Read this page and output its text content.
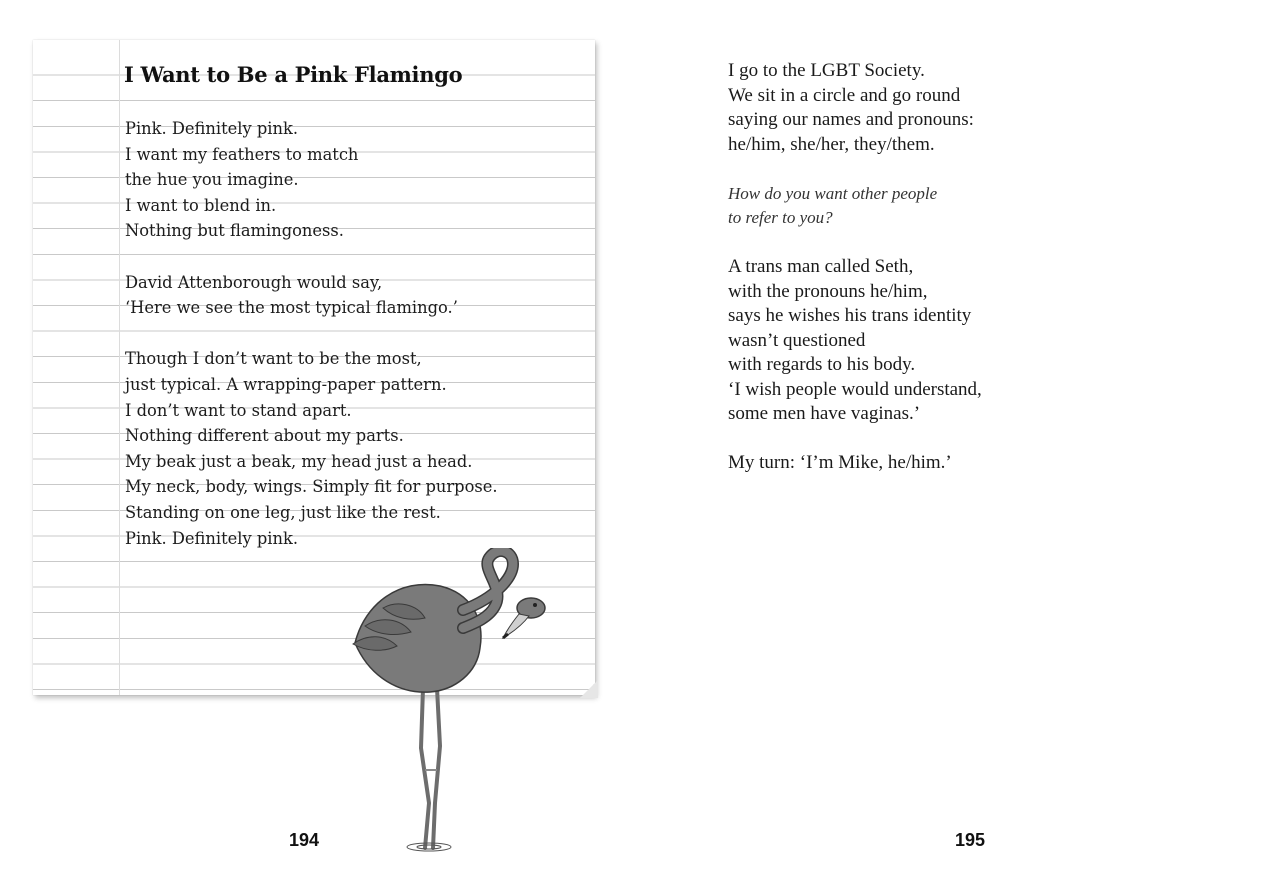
I Want to Be a Pink Flamingo
Pink. Definitely pink.
I want my feathers to match
the hue you imagine.
I want to blend in.
Nothing but flamingoness.
David Attenborough would say,
‘Here we see the most typical flamingo.’
Though I don’t want to be the most,
just typical. A wrapping-paper pattern.
I don’t want to stand apart.
Nothing different about my parts.
My beak just a beak, my head just a head.
My neck, body, wings. Simply fit for purpose.
Standing on one leg, just like the rest.
Pink. Definitely pink.
194
I go to the LGBT Society.
We sit in a circle and go round
saying our names and pronouns:
he/him, she/her, they/them.
How do you want other people
to refer to you?
A trans man called Seth,
with the pronouns he/him,
says he wishes his trans identity
wasn’t questioned
with regards to his body.
‘I wish people would understand,
some men have vaginas.’
My turn: ‘I’m Mike, he/him.’
195
